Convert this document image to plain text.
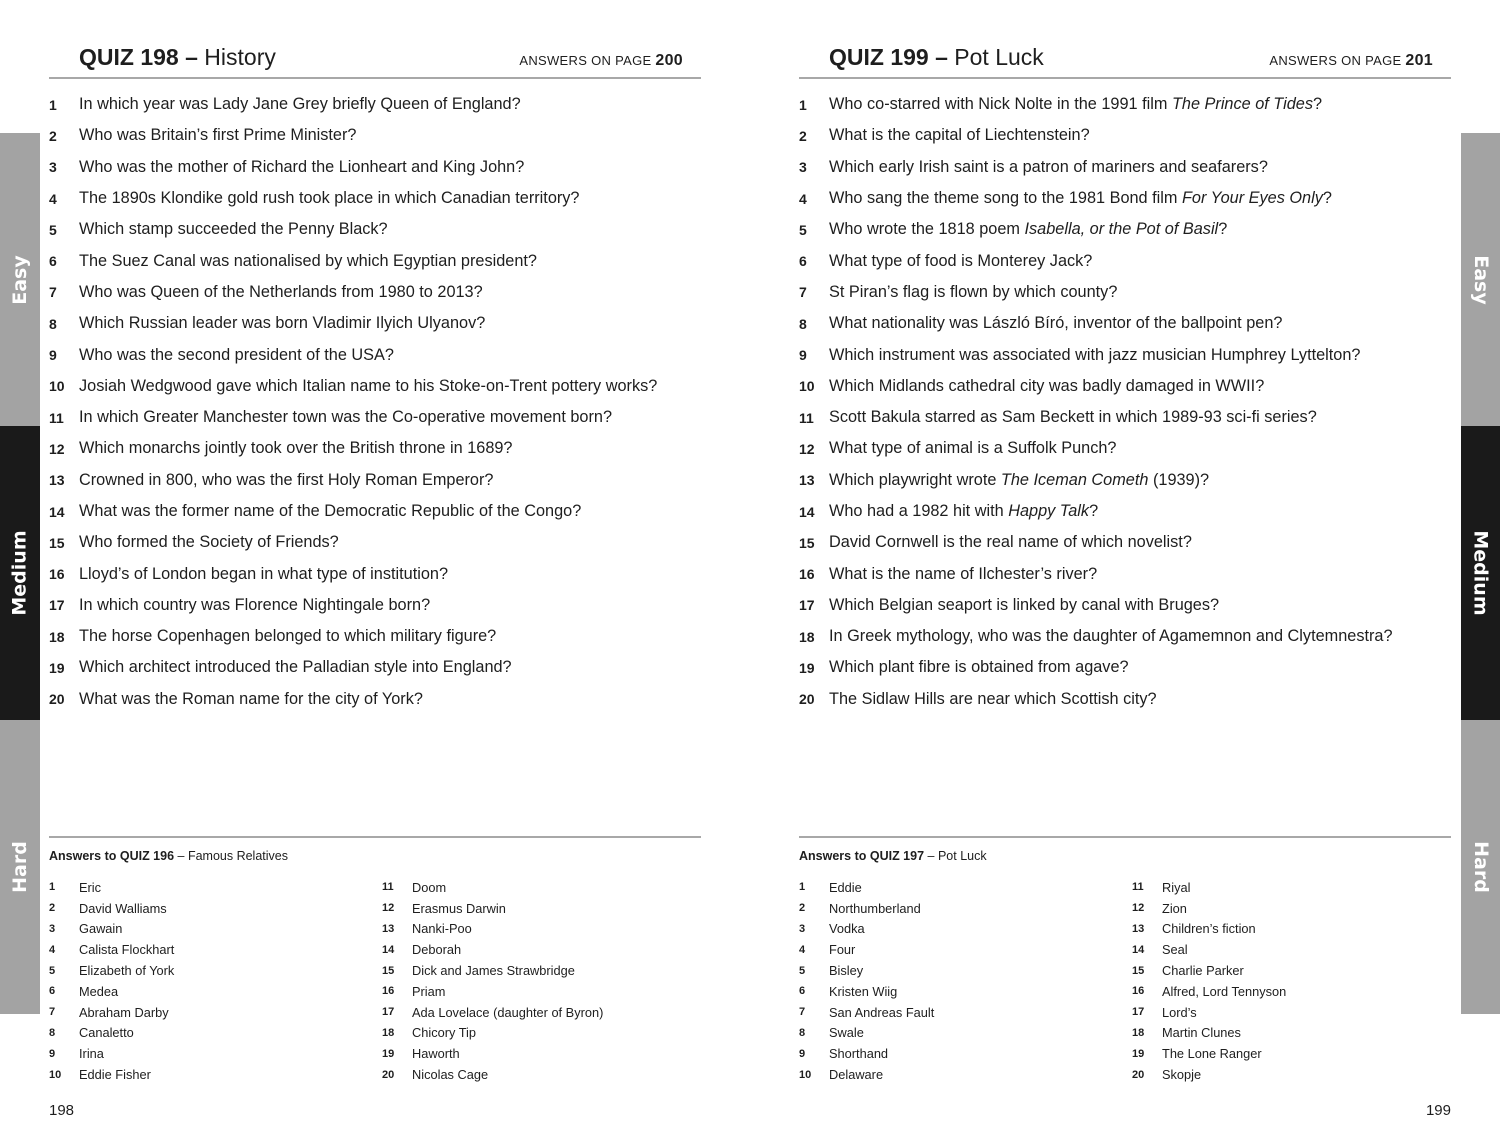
Easy
Medium
Hard
Easy
Medium
Hard
QUIZ 198 – History	ANSWERS ON PAGE 200
1	In which year was Lady Jane Grey briefly Queen of England?
2	Who was Britain’s first Prime Minister?
3	Who was the mother of Richard the Lionheart and King John?
4	The 1890s Klondike gold rush took place in which Canadian territory?
5	Which stamp succeeded the Penny Black?
6	The Suez Canal was nationalised by which Egyptian president?
7	Who was Queen of the Netherlands from 1980 to 2013?
8	Which Russian leader was born Vladimir Ilyich Ulyanov?
9	Who was the second president of the USA?
10 Josiah Wedgwood gave which Italian name to his Stoke-on-Trent pottery works?
11 In which Greater Manchester town was the Co-operative movement born?
12 Which monarchs jointly took over the British throne in 1689?
13 Crowned in 800, who was the first Holy Roman Emperor?
14 What was the former name of the Democratic Republic of the Congo?
15 Who formed the Society of Friends?
16 Lloyd’s of London began in what type of institution?
17 In which country was Florence Nightingale born?
18 The horse Copenhagen belonged to which military figure?
19 Which architect introduced the Palladian style into England?
20 What was the Roman name for the city of York?
Answers to QUIZ 196 – Famous Relatives
1	Eric
2	David Walliams
3	Gawain
4	Calista Flockhart
5	Elizabeth of York
6	Medea
7	Abraham Darby
8	Canaletto
9	Irina
10	Eddie Fisher
11	Doom
12	Erasmus Darwin
13	Nanki-Poo
14	Deborah
15	Dick and James Strawbridge
16	Priam
17	Ada Lovelace (daughter of Byron)
18	Chicory Tip
19	Haworth
20	Nicolas Cage
198
QUIZ 199 – Pot Luck	ANSWERS ON PAGE 201
1	Who co-starred with Nick Nolte in the 1991 film The Prince of Tides ?
2	What is the capital of Liechtenstein?
3	Which early Irish saint is a patron of mariners and seafarers?
4	Who sang the theme song to the 1981 Bond film For Your Eyes Only ?
5	Who wrote the 1818 poem Isabella, or the Pot of Basil ?
6	What type of food is Monterey Jack?
7	St Piran’s flag is flown by which county?
8	What nationality was László Bíró, inventor of the ballpoint pen?
9	Which instrument was associated with jazz musician Humphrey Lyttelton?
10 Which Midlands cathedral city was badly damaged in WWII?
11 Scott Bakula starred as Sam Beckett in which 1989-93 sci-fi series?
12 What type of animal is a Suffolk Punch?
13 Which playwright wrote The Iceman Cometh (1939)?
14 Who had a 1982 hit with Happy Talk ?
15 David Cornwell is the real name of which novelist?
16 What is the name of Ilchester’s river?
17 Which Belgian seaport is linked by canal with Bruges?
18 In Greek mythology, who was the daughter of Agamemnon and Clytemnestra?
19 Which plant fibre is obtained from agave?
20 The Sidlaw Hills are near which Scottish city?
Answers to QUIZ 197 – Pot Luck
1	Eddie
2	Northumberland
3	Vodka
4	Four
5	Bisley
6	Kristen Wiig
7	San Andreas Fault
8	Swale
9	Shorthand
10	Delaware
11	Riyal
12	Zion
13	Children’s fiction
14	Seal
15	Charlie Parker
16	Alfred, Lord Tennyson
17	Lord’s
18	Martin Clunes
19	The Lone Ranger
20	Skopje
199
